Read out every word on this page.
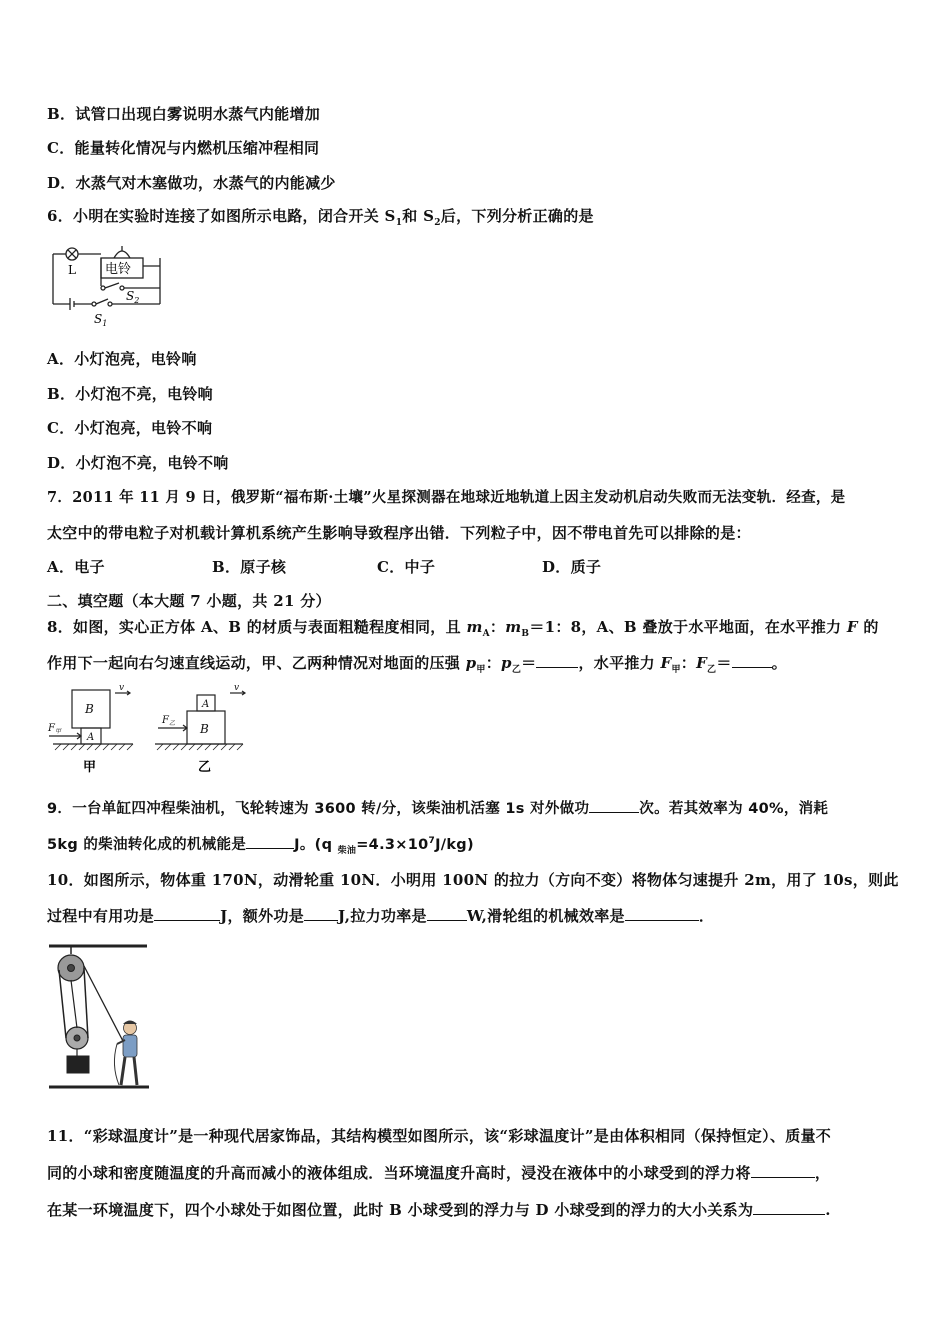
B．试管口出现白雾说明水蒸气内能增加
C．能量转化情况与内燃机压缩冲程相同
D．水蒸气对木塞做功，水蒸气的内能减少
6．小明在实验时连接了如图所示电路，闭合开关 $S_1$和 $S_2$后，下列分析正确的是
L 电铃
$S_2$
$S_1$
A．小灯泡亮，电铃响
B．小灯泡不亮，电铃响
C．小灯泡亮，电铃不响
D．小灯泡不亮，电铃不响
7．2011 年 11 月 9 日，俄罗斯“福布斯·土壤”火星探测器在地球近地轨道上因主发动机启动失败而无法变轨．经查，是
太空中的带电粒子对机载计算机系统产生影响导致程序出错．下列粒子中，因不带电首先可以排除的是：
A．电子	B．原子核	C．中子	D．质子
二、填空题（本大题 7 小题，共 21 分）
8．如图，实心正方体 A、B 的材质与表面粗糙程度相同，且 $m_A$：$m_B=1$：8，A、B 叠放于水平地面，在水平推力 F 的
作用下一起向右匀速直线运动，甲、乙两种情况对地面的压强 $p_甲$：$p_乙=$	，水平推力 $F_甲$：$F_乙=$	。
B
A
v
$F_甲$
A
B
v
$F_乙$
甲	乙
9．一台单缸四冲程柴油机，飞轮转速为 3600 转/分，该柴油机活塞 1s 对外做功	次。若其效率为 40%，消耗
5kg 的柴油转化成的机械能是	J。(q $_{柴油}=4.3\times 10^7J/kg$)
10．如图所示，物体重 170N，动滑轮重 10N．小明用 100N 的拉力（方向不变）将物体匀速提升 2m，用了 10s，则此
过程中有用功是	J，额外功是 J,拉力功率是	W,滑轮组的机械效率是	．
11．“彩球温度计”是一种现代居家饰品，其结构模型如图所示，该“彩球温度计”是由体积相同（保持恒定）、质量不
同的小球和密度随温度的升高而减小的液体组成．当环境温度升高时，浸没在液体中的小球受到的浮力将	，
在某一环境温度下，四个小球处于如图位置，此时 B 小球受到的浮力与 D 小球受到的浮力的大小关系为	.
